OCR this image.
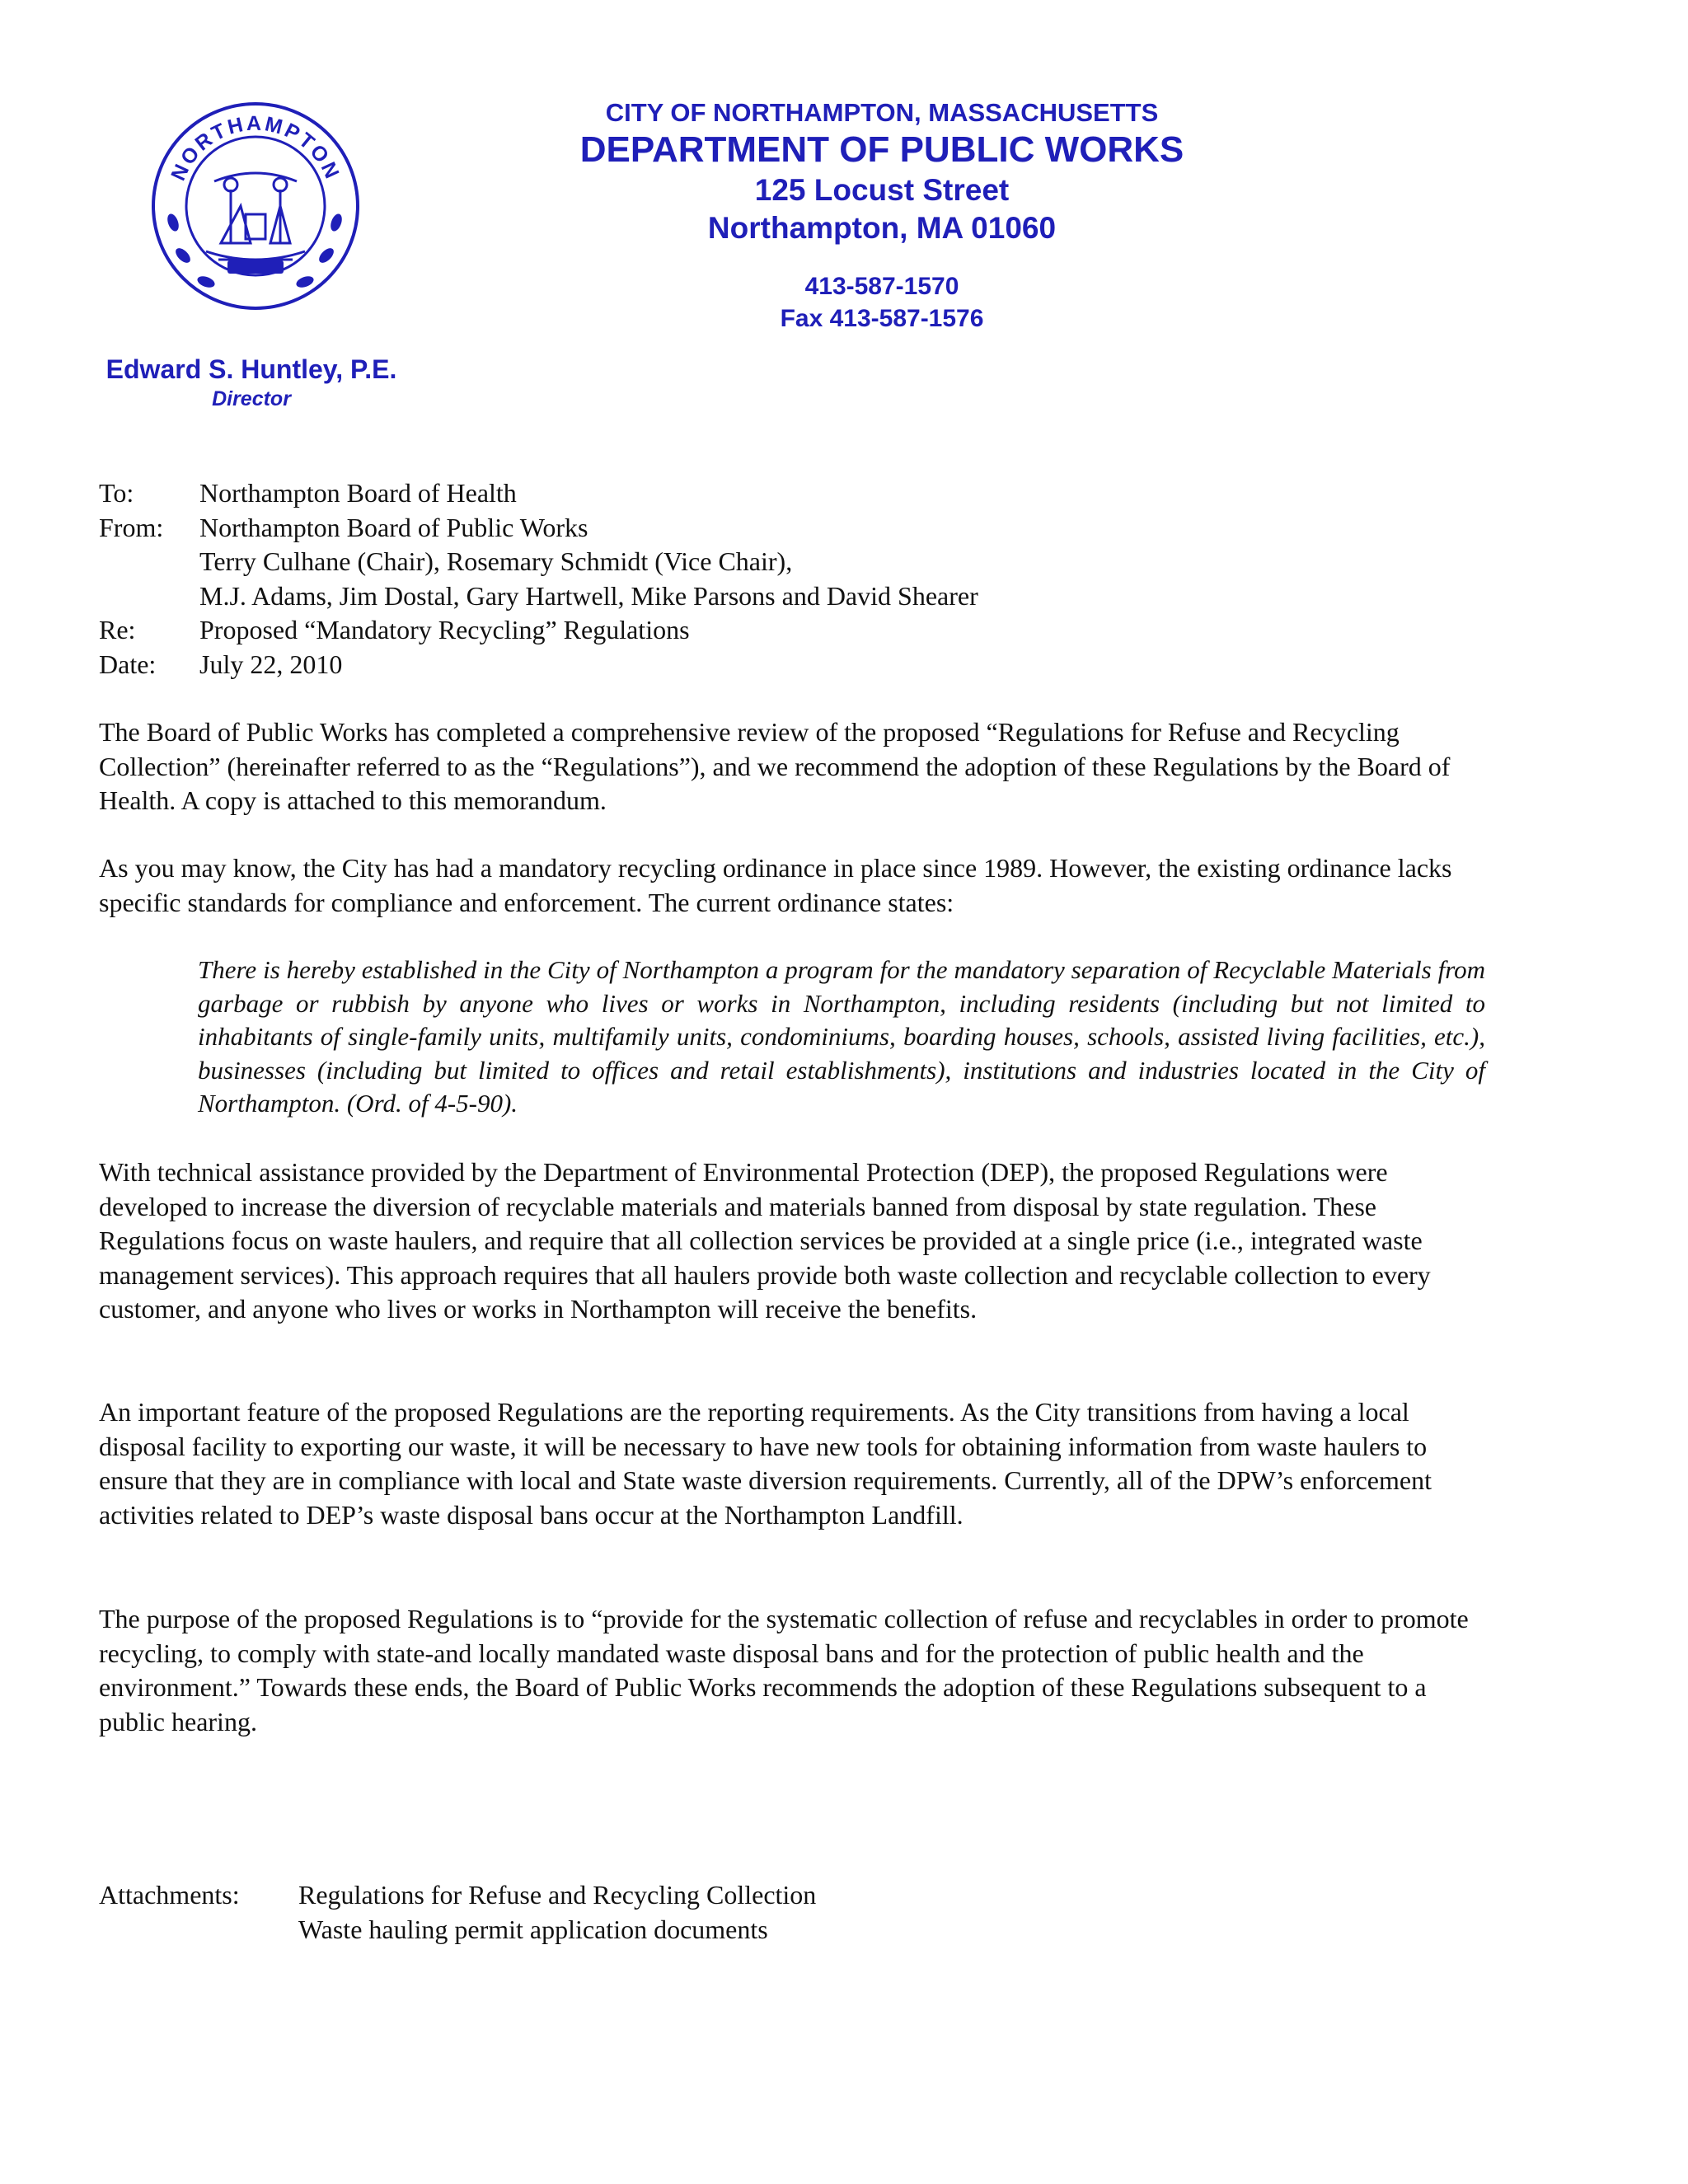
NORTHAMPTON
CITY OF NORTHAMPTON, MASSACHUSETTS
DEPARTMENT OF PUBLIC WORKS
125 Locust Street
Northampton, MA 01060
413-587-1570
Fax 413-587-1576
Edward S. Huntley, P.E.
Director
To:	Northampton Board of Health
From:	Northampton Board of Public Works
Terry Culhane (Chair), Rosemary Schmidt (Vice Chair),
M.J. Adams, Jim Dostal, Gary Hartwell, Mike Parsons and David Shearer
Re:	Proposed “Mandatory Recycling” Regulations
Date:	July 22, 2010

The Board of Public Works has completed a comprehensive review of the proposed “Regulations for Refuse and Recycling Collection” (hereinafter referred to as the “Regulations”), and we recommend the adoption of these Regulations by the Board of Health. A copy is attached to this memorandum.

As you may know, the City has had a mandatory recycling ordinance in place since 1989. However, the existing ordinance lacks specific standards for compliance and enforcement. The current ordinance states:

There is hereby established in the City of Northampton a program for the mandatory separation of Recyclable Materials from garbage or rubbish by anyone who lives or works in Northampton, including residents (including but not limited to inhabitants of single-family units, multifamily units, condominiums, boarding houses, schools, assisted living facilities, etc.), businesses (including but limited to offices and retail establishments), institutions and industries located in the City of Northampton. (Ord. of 4-5-90).

With technical assistance provided by the Department of Environmental Protection (DEP), the proposed Regulations were developed to increase the diversion of recyclable materials and materials banned from disposal by state regulation. These Regulations focus on waste haulers, and require that all collection services be provided at a single price (i.e., integrated waste management services). This approach requires that all haulers provide both waste collection and recyclable collection to every customer, and anyone who lives or works in Northampton will receive the benefits.

An important feature of the proposed Regulations are the reporting requirements. As the City transitions from having a local disposal facility to exporting our waste, it will be necessary to have new tools for obtaining information from waste haulers to ensure that they are in compliance with local and State waste diversion requirements. Currently, all of the DPW’s enforcement activities related to DEP’s waste disposal bans occur at the Northampton Landfill.

The purpose of the proposed Regulations is to “provide for the systematic collection of refuse and recyclables in order to promote recycling, to comply with state-and locally mandated waste disposal bans and for the protection of public health and the environment.” Towards these ends, the Board of Public Works recommends the adoption of these Regulations subsequent to a public hearing.

Attachments:	Regulations for Refuse and Recycling Collection
Waste hauling permit application documents
